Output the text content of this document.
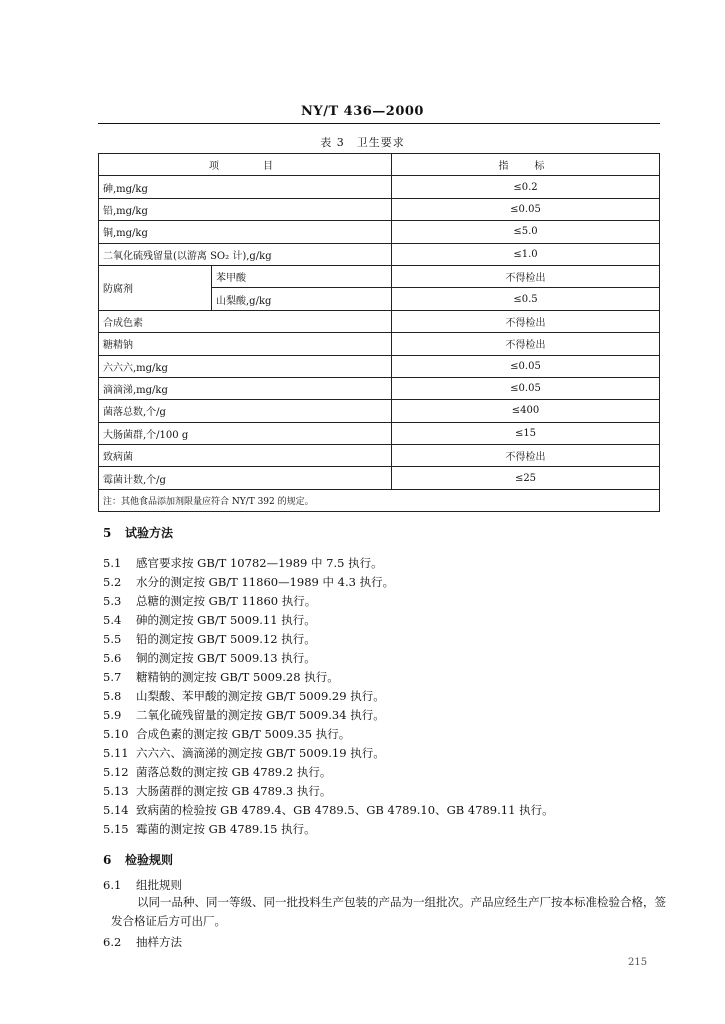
NY/T 436—2000
表 3　卫生要求
项　　目		指　标
砷,mg/kg		≤0.2
铅,mg/kg		≤0.05
铜,mg/kg		≤5.0
二氧化硫残留量(以游离 SO₂ 计),g/kg		≤1.0
防腐剂	苯甲酸	不得检出
	山梨酸,g/kg	≤0.5
合成色素		不得检出
糖精钠		不得检出
六六六,mg/kg		≤0.05
滴滴涕,mg/kg		≤0.05
菌落总数,个/g		≤400
大肠菌群,个/100 g		≤15
致病菌		不得检出
霉菌计数,个/g		≤25
注：其他食品添加剂限量应符合 NY/T 392 的规定。		
5 试验方法
5.1 感官要求按 GB/T 10782—1989 中 7.5 执行。
5.2 水分的测定按 GB/T 11860—1989 中 4.3 执行。
5.3 总糖的测定按 GB/T 11860 执行。
5.4 砷的测定按 GB/T 5009.11 执行。
5.5 铅的测定按 GB/T 5009.12 执行。
5.6 铜的测定按 GB/T 5009.13 执行。
5.7 糖精钠的测定按 GB/T 5009.28 执行。
5.8 山梨酸、苯甲酸的测定按 GB/T 5009.29 执行。
5.9 二氧化硫残留量的测定按 GB/T 5009.34 执行。
5.10 合成色素的测定按 GB/T 5009.35 执行。
5.11 六六六、滴滴涕的测定按 GB/T 5009.19 执行。
5.12 菌落总数的测定按 GB 4789.2 执行。
5.13 大肠菌群的测定按 GB 4789.3 执行。
5.14 致病菌的检验按 GB 4789.4、GB 4789.5、GB 4789.10、GB 4789.11 执行。
5.15 霉菌的测定按 GB 4789.15 执行。
6 检验规则
6.1 组批规则
以同一品种、同一等级、同一批投料生产包装的产品为一组批次。产品应经生产厂按本标准检验合格，签发合格证后方可出厂。
6.2 抽样方法
215
